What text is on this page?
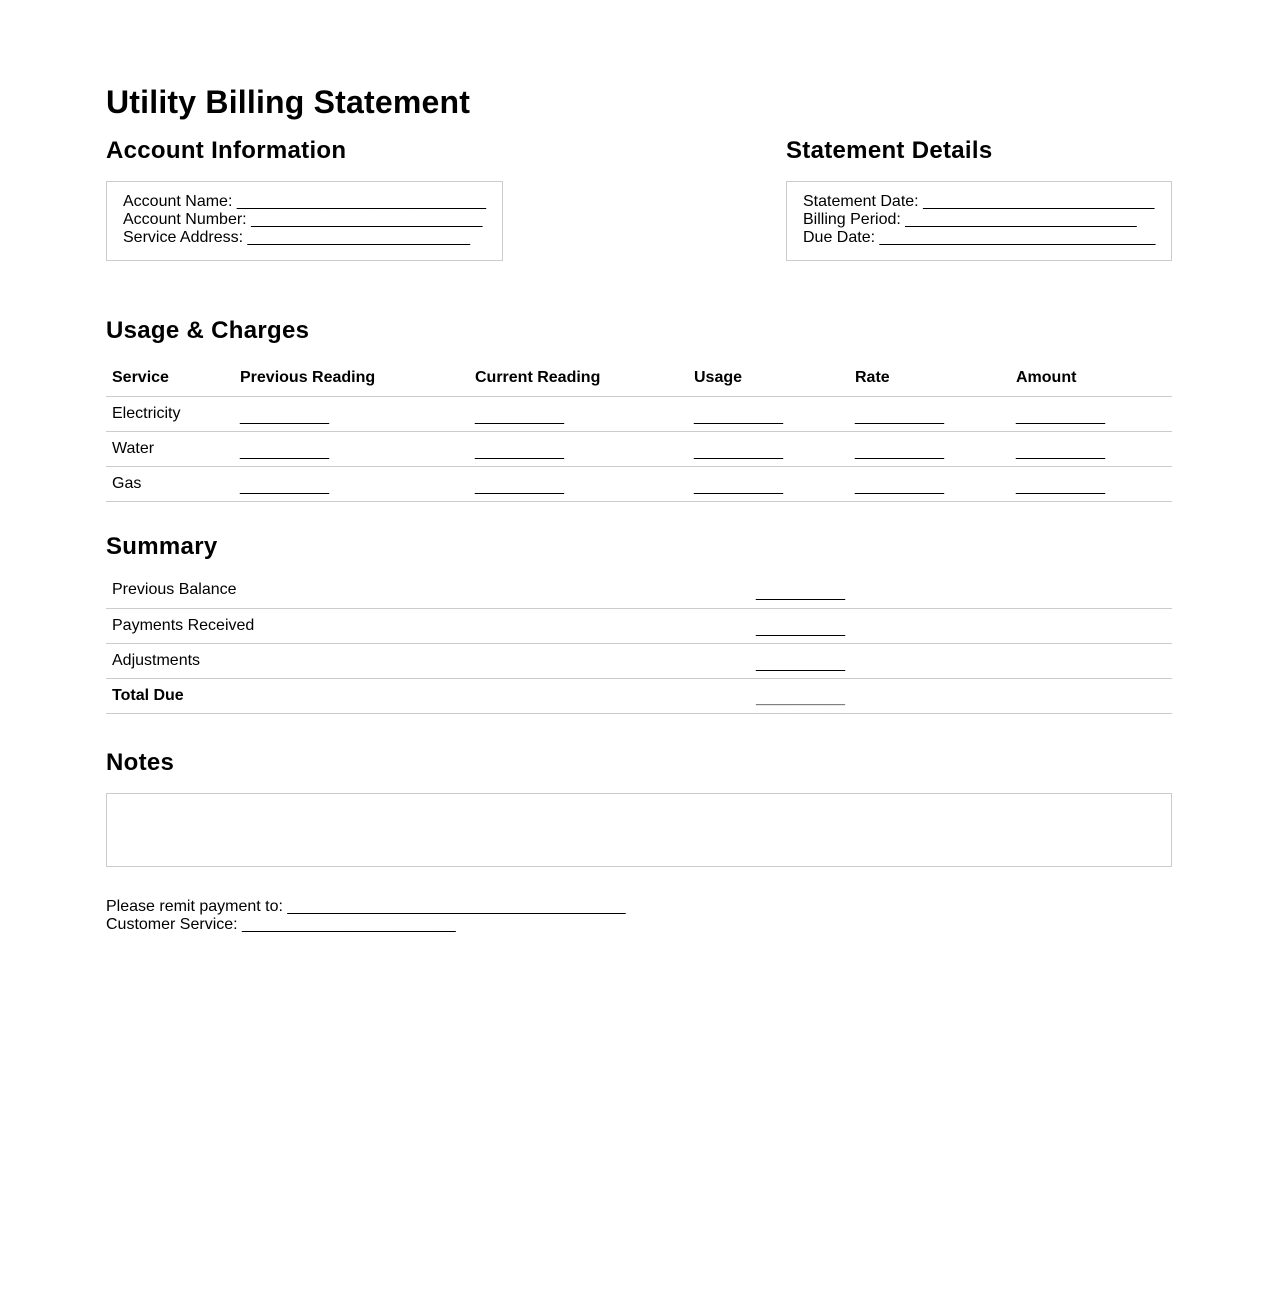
Utility Billing Statement
Account Information
Account Name: ____________________________
Account Number: __________________________
Service Address: _________________________
Statement Details
Statement Date: __________________________
Billing Period: __________________________
Due Date: _______________________________
Usage & Charges
Service	Previous Reading	Current Reading	Usage	Rate	Amount
Electricity	__________	__________	__________	__________	__________
Water	__________	__________	__________	__________	__________
Gas	__________	__________	__________	__________	__________
Summary
Previous Balance	__________
Payments Received	__________
Adjustments	__________
Total Due	__________
Notes
Please remit payment to: ______________________________________
Customer Service: ________________________
